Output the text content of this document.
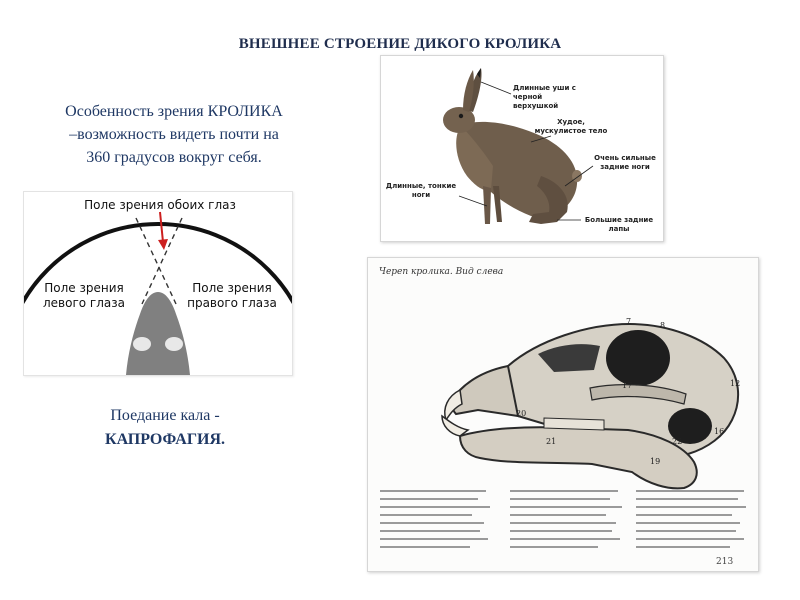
ВНЕШНЕЕ СТРОЕНИЕ ДИКОГО КРОЛИКА
Особенность зрения КРОЛИКА
–возможность видеть почти на
360 градусов вокруг себя.
Поле зрения обоих глаз
Поле зрения
левого глаза
Поле зрения
правого глаза
Поедание кала -
КАПРОФАГИЯ.
Длинные уши с
черной
верхушкой
Худое,
мускулистое тело
Очень сильные
задние ноги
Длинные, тонкие
ноги
Большие задние
лапы
Череп кролика. Вид слева
7	8
12
16
17
19
20
21	22
213
